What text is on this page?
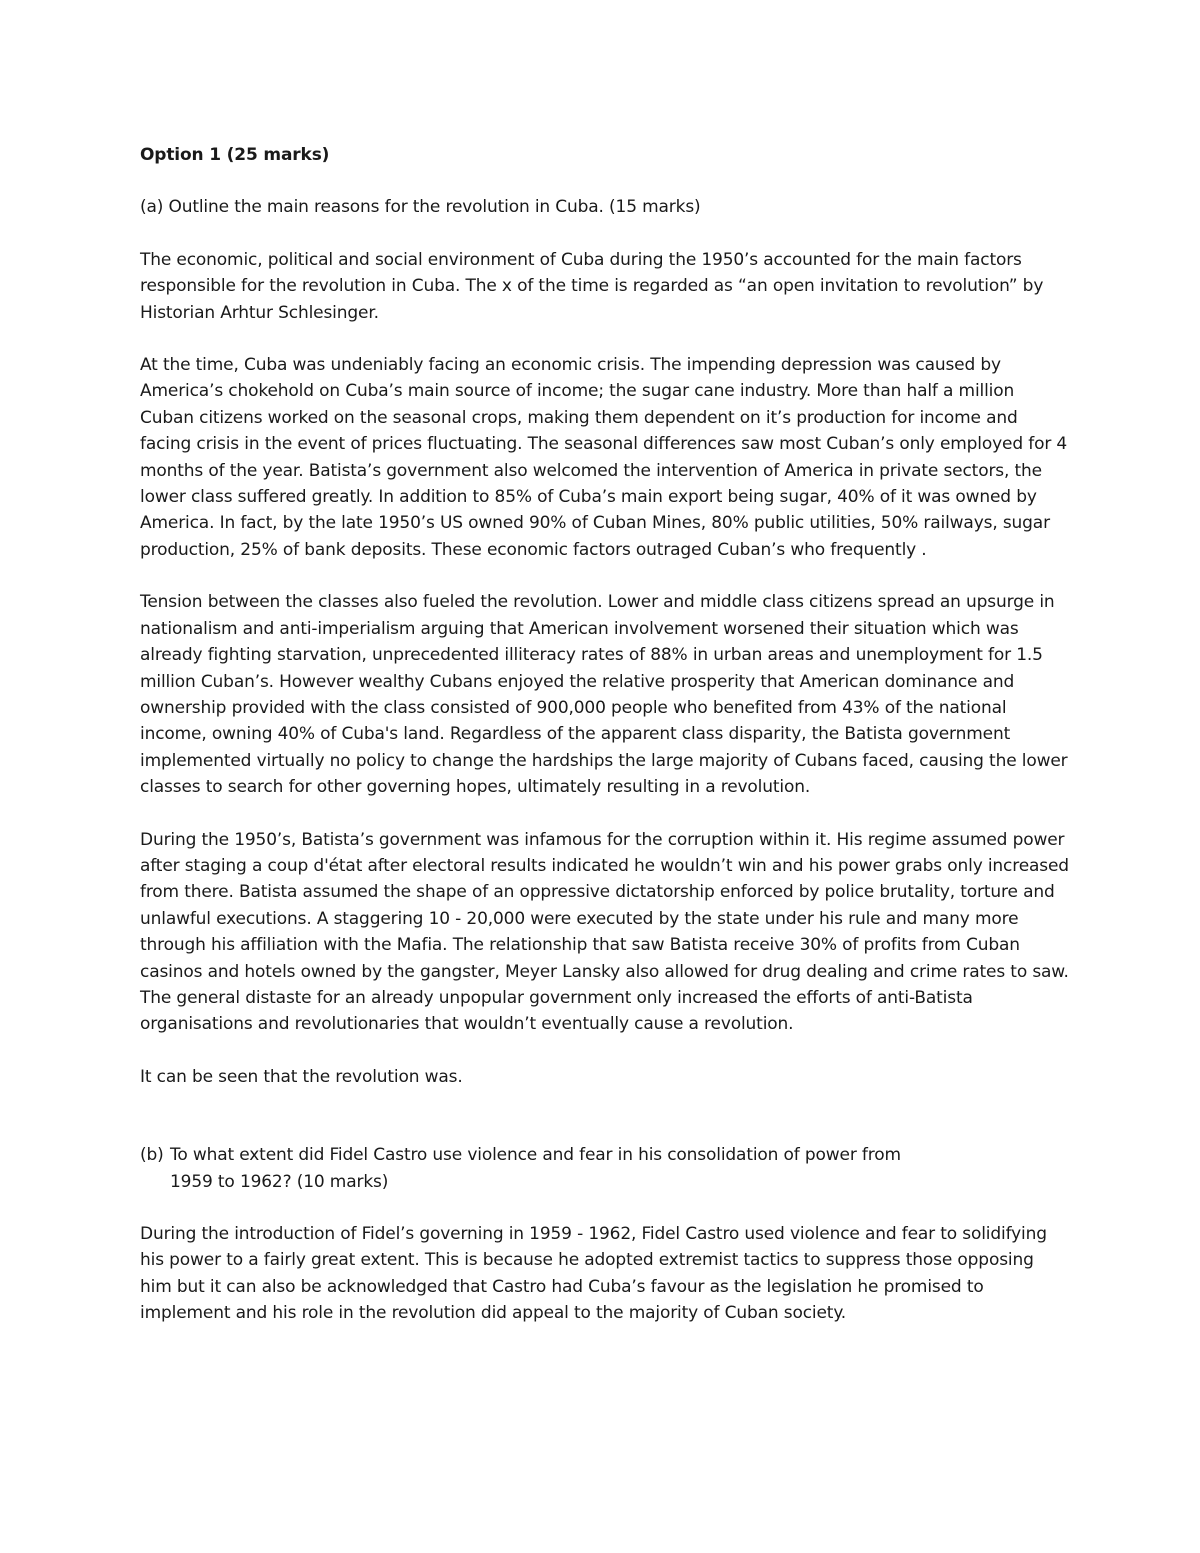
Option 1 (25 marks)

(a) Outline the main reasons for the revolution in Cuba. (15 marks)

The economic, political and social environment of Cuba during the 1950’s accounted for the main factors responsible for the revolution in Cuba. The x of the time is regarded as “an open invitation to revolution” by Historian Arhtur Schlesinger.

At the time, Cuba was undeniably facing an economic crisis. The impending depression was caused by America’s chokehold on Cuba’s main source of income; the sugar cane industry. More than half a million Cuban citizens worked on the seasonal crops, making them dependent on it’s production for income and facing crisis in the event of prices fluctuating. The seasonal differences saw most Cuban’s only employed for 4 months of the year. Batista’s government also welcomed the intervention of America in private sectors, the lower class suffered greatly. In addition to 85% of Cuba’s main export being sugar, 40% of it was owned by America. In fact, by the late 1950’s US owned 90% of Cuban Mines, 80% public utilities, 50% railways, sugar production, 25% of bank deposits. These economic factors outraged Cuban’s who frequently .

Tension between the classes also fueled the revolution. Lower and middle class citizens spread an upsurge in nationalism and anti-imperialism arguing that American involvement worsened their situation which was already fighting starvation, unprecedented illiteracy rates of 88% in urban areas and unemployment for 1.5 million Cuban’s. However wealthy Cubans enjoyed the relative prosperity that American dominance and ownership provided with the class consisted of 900,000 people who benefited from 43% of the national income, owning 40% of Cuba's land. Regardless of the apparent class disparity, the Batista government implemented virtually no policy to change the hardships the large majority of Cubans faced, causing the lower classes to search for other governing hopes, ultimately resulting in a revolution.

During the 1950’s, Batista’s government was infamous for the corruption within it. His regime assumed power after staging a coup d'état after electoral results indicated he wouldn’t win and his power grabs only increased from there. Batista assumed the shape of an oppressive dictatorship enforced by police brutality, torture and unlawful executions. A staggering 10 - 20,000 were executed by the state under his rule and many more through his affiliation with the Mafia. The relationship that saw Batista receive 30% of profits from Cuban casinos and hotels owned by the gangster, Meyer Lansky also allowed for drug dealing and crime rates to saw. The general distaste for an already unpopular government only increased the efforts of anti-Batista organisations and revolutionaries that wouldn’t eventually cause a revolution.

It can be seen that the revolution was.

(b) To what extent did Fidel Castro use violence and fear in his consolidation of power from 1959 to 1962? (10 marks)

During the introduction of Fidel’s governing in 1959 - 1962, Fidel Castro used violence and fear to solidifying his power to a fairly great extent. This is because he adopted extremist tactics to suppress those opposing him but it can also be acknowledged that Castro had Cuba’s favour as the legislation he promised to implement and his role in the revolution did appeal to the majority of Cuban society.
